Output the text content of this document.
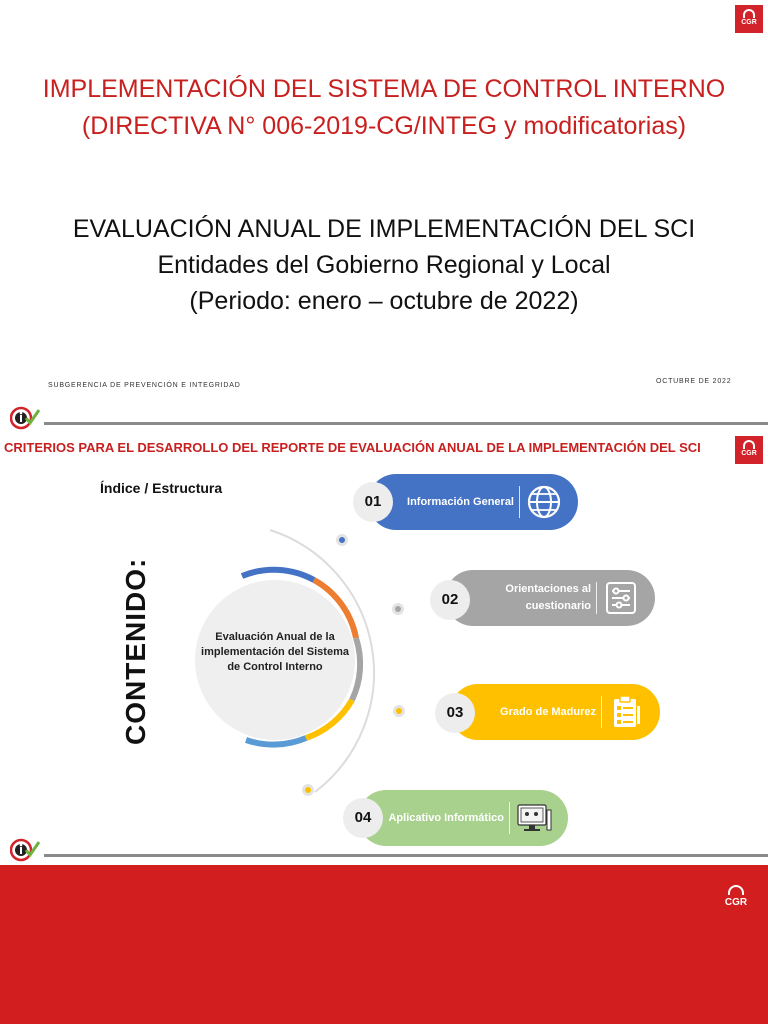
CGR
IMPLEMENTACIÓN DEL SISTEMA DE CONTROL INTERNO
(DIRECTIVA N° 006-2019-CG/INTEG y modificatorias)
EVALUACIÓN ANUAL DE IMPLEMENTACIÓN DEL SCI
Entidades del Gobierno Regional y Local
(Periodo: enero – octubre de 2022)
SUBGERENCIA DE PREVENCIÓN E INTEGRIDAD
OCTUBRE DE 2022
CRITERIOS PARA EL DESARROLLO DEL REPORTE DE EVALUACIÓN ANUAL DE LA IMPLEMENTACIÓN DEL SCI	CGR
Índice / Estructura
CONTENIDO:	Evaluación Anual de la implementación del Sistema de Control Interno
Información General
01
Orientaciones al cuestionario
02
Grado de Madurez
03
Aplicativo Informático
04
CGR
